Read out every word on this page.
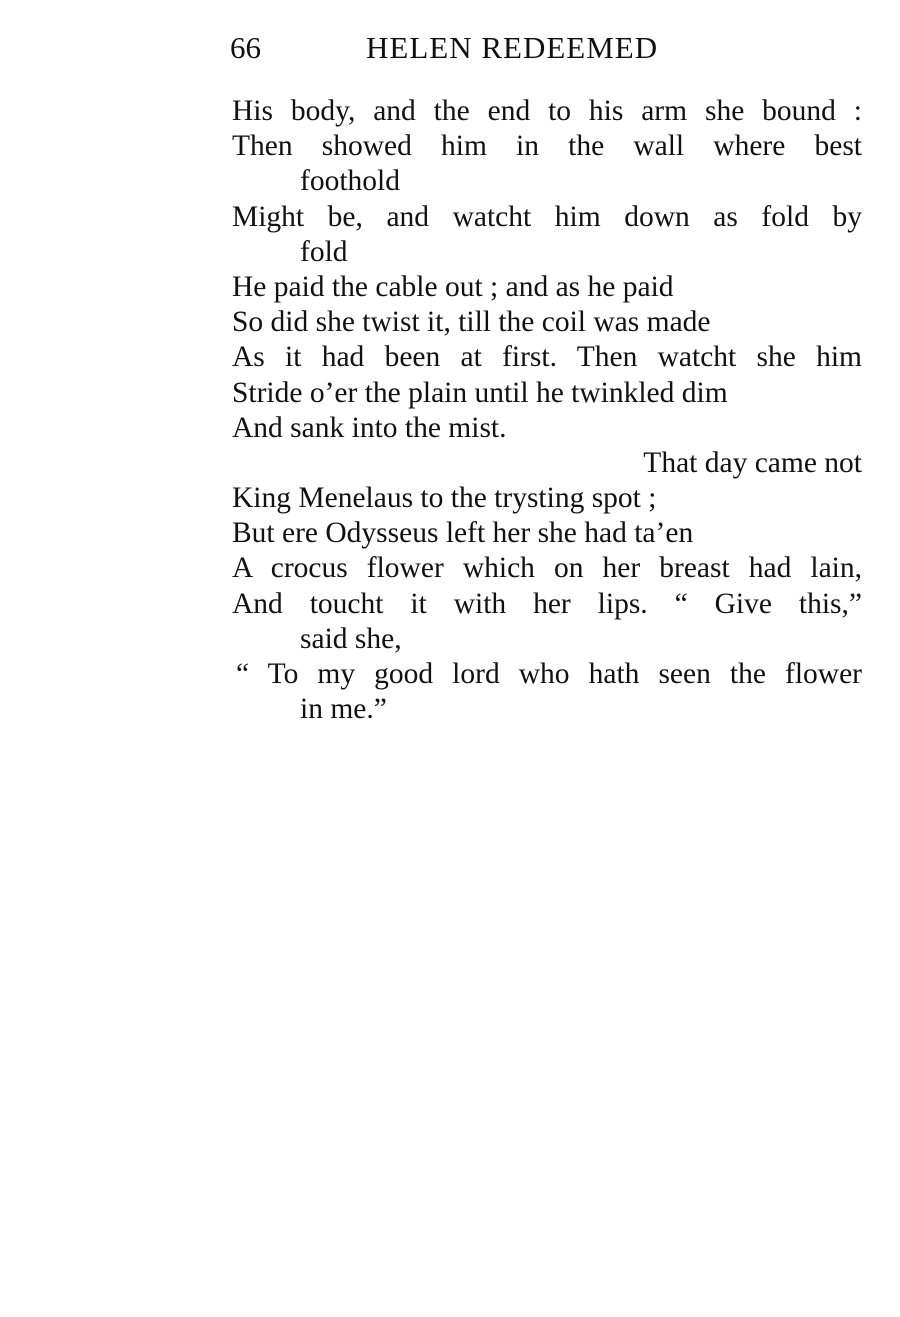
66	HELEN REDEEMED
His body, and the end to his arm she bound :
Then showed him in the wall where best
foothold
Might be, and watcht him down as fold by
fold
He paid the cable out ; and as he paid
So did she twist it, till the coil was made
As it had been at first. Then watcht she him
Stride o’er the plain until he twinkled dim
And sank into the mist.
That day came not
King Menelaus to the trysting spot ;
But ere Odysseus left her she had ta’en
A crocus flower which on her breast had lain,
And toucht it with her lips. “ Give this,”
said she,
“ To my good lord who hath seen the flower
in me.”
